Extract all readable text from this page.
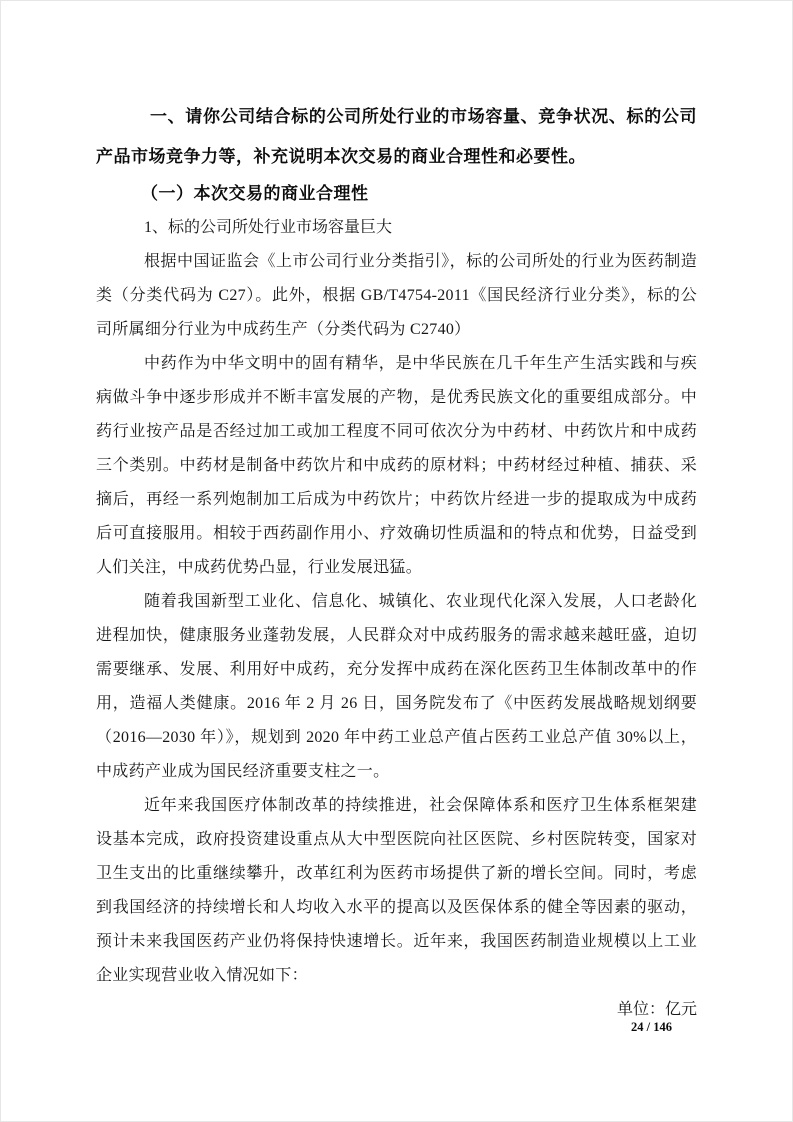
一、请你公司结合标的公司所处行业的市场容量、竞争状况、标的公司产品市场竞争力等，补充说明本次交易的商业合理性和必要性。
（一）本次交易的商业合理性

1、标的公司所处行业市场容量巨大

根据中国证监会《上市公司行业分类指引》，标的公司所处的行业为医药制造类（分类代码为 C27）。此外，根据 GB/T4754-2011《国民经济行业分类》，标的公司所属细分行业为中成药生产（分类代码为 C2740）

中药作为中华文明中的固有精华，是中华民族在几千年生产生活实践和与疾病做斗争中逐步形成并不断丰富发展的产物，是优秀民族文化的重要组成部分。中药行业按产品是否经过加工或加工程度不同可依次分为中药材、中药饮片和中成药三个类别。中药材是制备中药饮片和中成药的原材料；中药材经过种植、捕获、采摘后，再经一系列炮制加工后成为中药饮片；中药饮片经进一步的提取成为中成药后可直接服用。相较于西药副作用小、疗效确切性质温和的特点和优势，日益受到人们关注，中成药优势凸显，行业发展迅猛。

随着我国新型工业化、信息化、城镇化、农业现代化深入发展，人口老龄化进程加快，健康服务业蓬勃发展，人民群众对中成药服务的需求越来越旺盛，迫切需要继承、发展、利用好中成药，充分发挥中成药在深化医药卫生体制改革中的作用，造福人类健康。2016 年 2 月 26 日，国务院发布了《中医药发展战略规划纲要（2016—2030 年）》，规划到 2020 年中药工业总产值占医药工业总产值 30%以上，中成药产业成为国民经济重要支柱之一。

近年来我国医疗体制改革的持续推进，社会保障体系和医疗卫生体系框架建设基本完成，政府投资建设重点从大中型医院向社区医院、乡村医院转变，国家对卫生支出的比重继续攀升，改革红利为医药市场提供了新的增长空间。同时，考虑到我国经济的持续增长和人均收入水平的提高以及医保体系的健全等因素的驱动，预计未来我国医药产业仍将保持快速增长。近年来，我国医药制造业规模以上工业企业实现营业收入情况如下：

单位：亿元

24 / 146
